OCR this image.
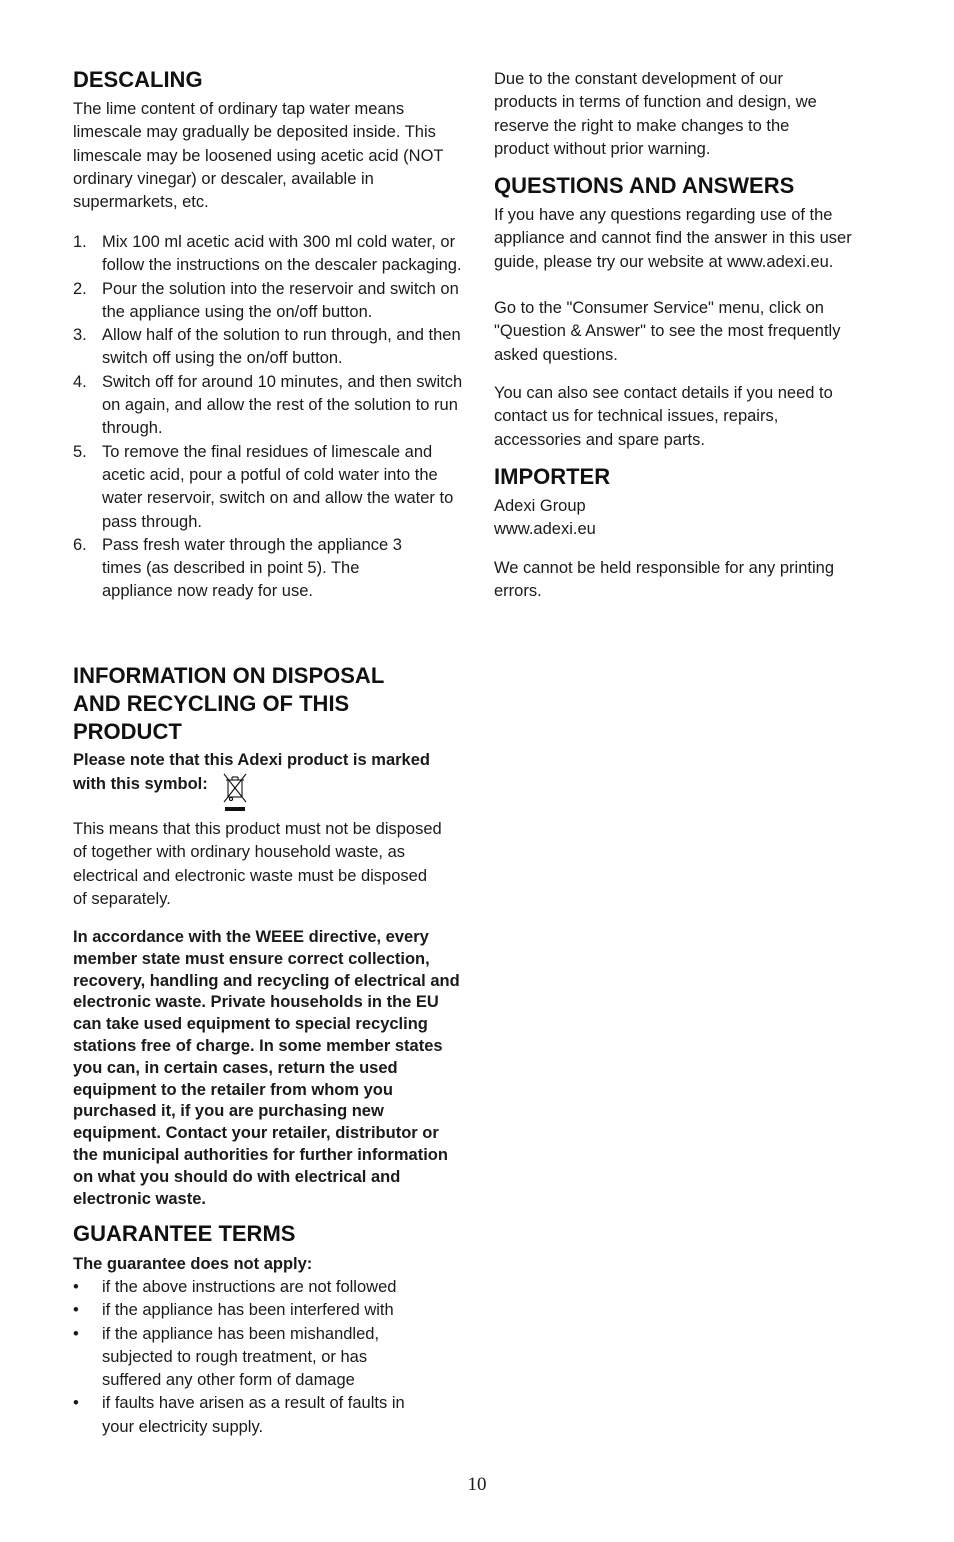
DESCALING

The lime content of ordinary tap water means limescale may gradually be deposited inside. This limescale may be loosened using acetic acid (NOT ordinary vinegar) or descaler, available in supermarkets, etc.

1. Mix 100 ml acetic acid with 300 ml cold water, or follow the instructions on the descaler packaging.
2. Pour the solution into the reservoir and switch on the appliance using the on/off button.
3. Allow half of the solution to run through, and then switch off using the on/off button.
4. Switch off for around 10 minutes, and then switch on again, and allow the rest of the solution to run through.
5. To remove the final residues of limescale and acetic acid, pour a potful of cold water into the water reservoir, switch on and allow the water to pass through.
6. Pass fresh water through the appliance 3 times (as described in point 5). The appliance now ready for use.
INFORMATION ON DISPOSAL AND RECYCLING OF THIS PRODUCT
Please note that this Adexi product is marked with this symbol:

This means that this product must not be disposed of together with ordinary household waste, as electrical and electronic waste must be disposed of separately.

In accordance with the WEEE directive, every member state must ensure correct collection, recovery, handling and recycling of electrical and electronic waste. Private households in the EU can take used equipment to special recycling stations free of charge. In some member states you can, in certain cases, return the used equipment to the retailer from whom you purchased it, if you are purchasing new equipment. Contact your retailer, distributor or the municipal authorities for further information on what you should do with electrical and electronic waste.

GUARANTEE TERMS

The guarantee does not apply:

• if the above instructions are not followed
• if the appliance has been interfered with
• if the appliance has been mishandled, subjected to rough treatment, or has suffered any other form of damage
• if faults have arisen as a result of faults in your electricity supply.

Due to the constant development of our products in terms of function and design, we reserve the right to make changes to the product without prior warning.

QUESTIONS AND ANSWERS

If you have any questions regarding use of the appliance and cannot find the answer in this user guide, please try our website at www.adexi.eu.

Go to the "Consumer Service" menu, click on "Question & Answer" to see the most frequently asked questions.

You can also see contact details if you need to contact us for technical issues, repairs, accessories and spare parts.

IMPORTER

Adexi Group

www.adexi.eu

We cannot be held responsible for any printing errors.

10
